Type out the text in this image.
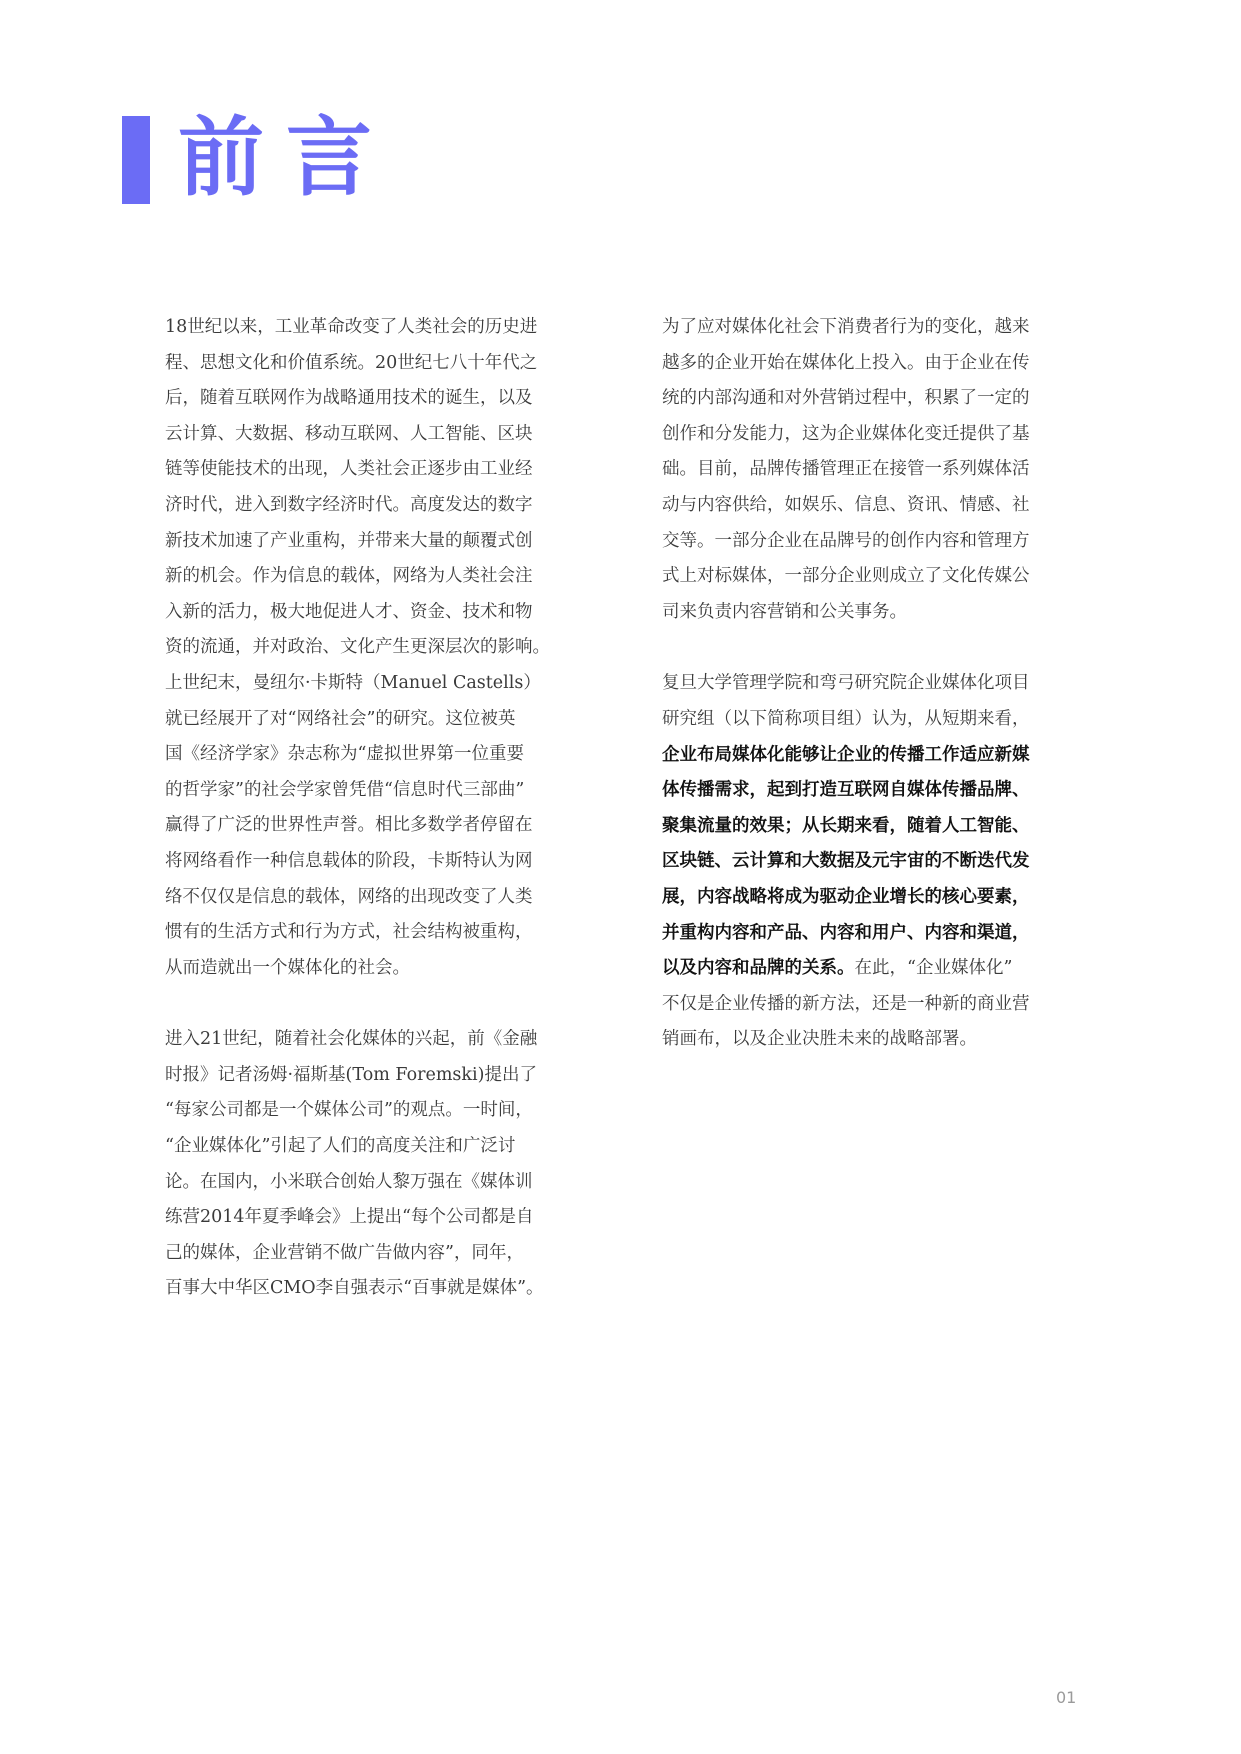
前言
18世纪以来，工业革命改变了人类社会的历史进
程、思想文化和价值系统。20世纪七八十年代之
后，随着互联网作为战略通用技术的诞生，以及
云计算、大数据、移动互联网、人工智能、区块
链等使能技术的出现，人类社会正逐步由工业经
济时代，进入到数字经济时代。高度发达的数字
新技术加速了产业重构，并带来大量的颠覆式创
新的机会。作为信息的载体，网络为人类社会注
入新的活力，极大地促进人才、资金、技术和物
资的流通，并对政治、文化产生更深层次的影响。
上世纪末，曼纽尔·卡斯特（Manuel Castells）
就已经展开了对“网络社会”的研究。这位被英
国《经济学家》杂志称为“虚拟世界第一位重要
的哲学家”的社会学家曾凭借“信息时代三部曲”
赢得了广泛的世界性声誉。相比多数学者停留在
将网络看作一种信息载体的阶段，卡斯特认为网
络不仅仅是信息的载体，网络的出现改变了人类
惯有的生活方式和行为方式，社会结构被重构，
从而造就出一个媒体化的社会。
进入21世纪，随着社会化媒体的兴起，前《金融
时报》记者汤姆·福斯基(Tom Foremski)提出了
“每家公司都是一个媒体公司”的观点。一时间，
“企业媒体化”引起了人们的高度关注和广泛讨
论。在国内，小米联合创始人黎万强在《媒体训
练营2014年夏季峰会》上提出“每个公司都是自
己的媒体，企业营销不做广告做内容”，同年，
百事大中华区CMO李自强表示“百事就是媒体”。
为了应对媒体化社会下消费者行为的变化，越来
越多的企业开始在媒体化上投入。由于企业在传
统的内部沟通和对外营销过程中，积累了一定的
创作和分发能力，这为企业媒体化变迁提供了基
础。目前，品牌传播管理正在接管一系列媒体活
动与内容供给，如娱乐、信息、资讯、情感、社
交等。一部分企业在品牌号的创作内容和管理方
式上对标媒体，一部分企业则成立了文化传媒公
司来负责内容营销和公关事务。
复旦大学管理学院和弯弓研究院企业媒体化项目
研究组（以下简称项目组）认为，从短期来看，
企业布局媒体化能够让企业的传播工作适应新媒
体传播需求，起到打造互联网自媒体传播品牌、
聚集流量的效果；从长期来看，随着人工智能、
区块链、云计算和大数据及元宇宙的不断迭代发
展，内容战略将成为驱动企业增长的核心要素，
并重构内容和产品、内容和用户、内容和渠道，
以及内容和品牌的关系。在此，“企业媒体化”
不仅是企业传播的新方法，还是一种新的商业营
销画布，以及企业决胜未来的战略部署。
01
